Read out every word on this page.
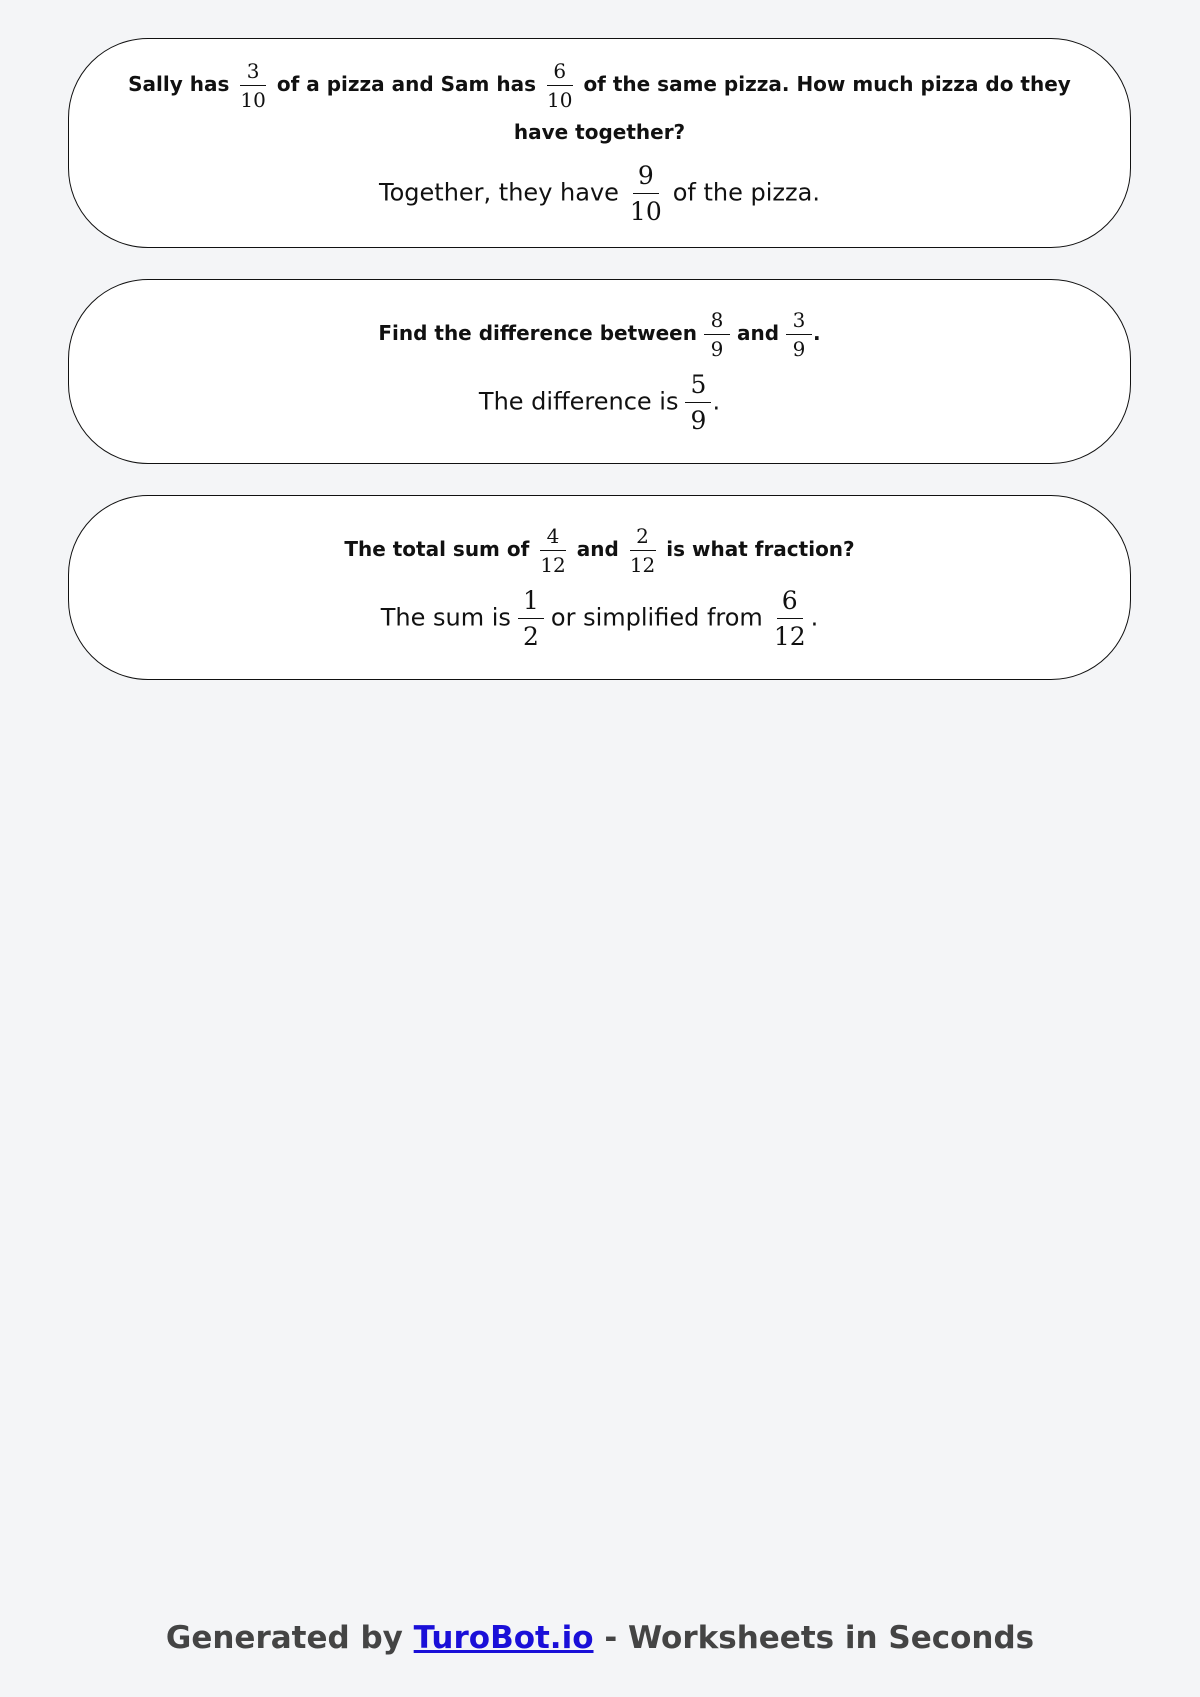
Sally has $\frac{3}{10}$ of a pizza and Sam has $\frac{6}{10}$ of the same pizza. How much pizza do they have together?

Together, they have $\frac{9}{10}$ of the pizza.

Find the difference between $\frac{8}{9}$ and $\frac{3}{9}$ .

The difference is $\frac{5}{9}$ .

The total sum of $\frac{4}{12}$ and $\frac{2}{12}$ is what fraction?

The sum is $\frac{1}{2}$ or simplified from $\frac{6}{12}$ .

Generated by TuroBot.io - Worksheets in Seconds
